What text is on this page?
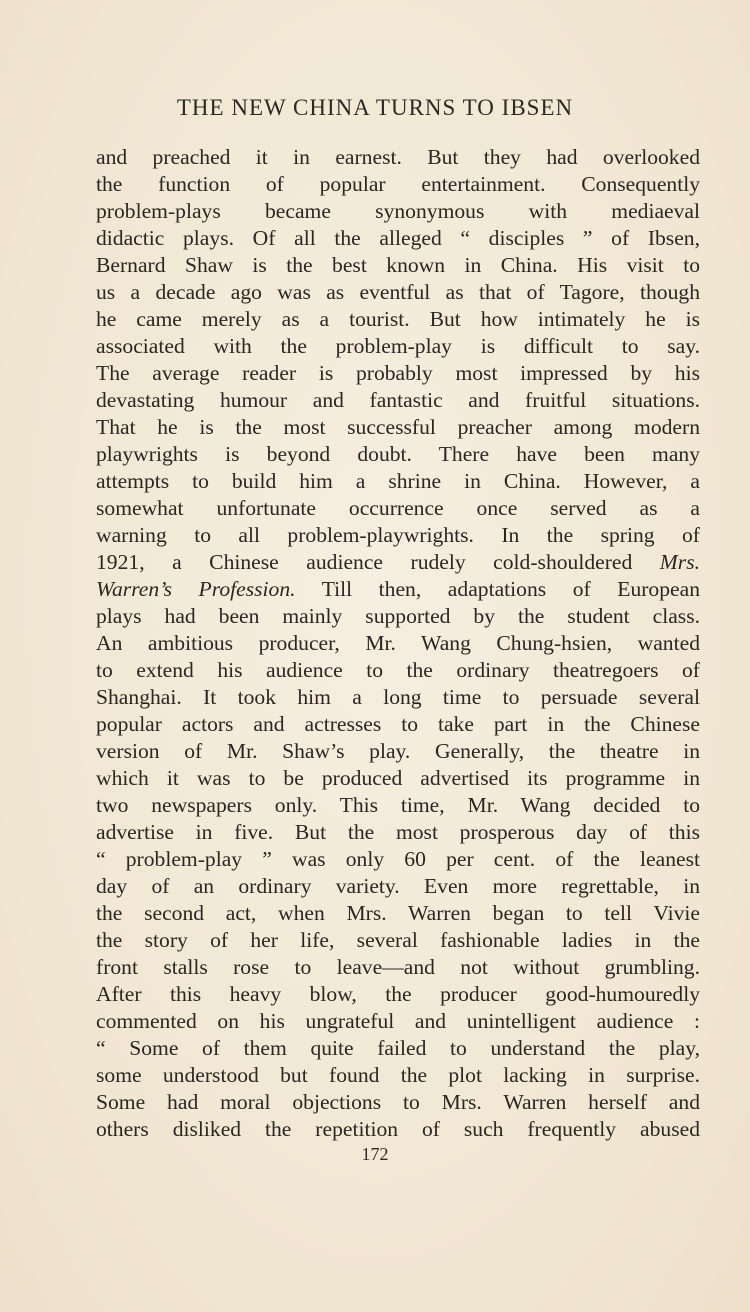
THE NEW CHINA TURNS TO IBSEN
and preached it in earnest. But they had overlooked
the function of popular entertainment. Consequently
problem-plays became synonymous with mediaeval
didactic plays. Of all the alleged “ disciples ” of Ibsen,
Bernard Shaw is the best known in China. His visit to
us a decade ago was as eventful as that of Tagore, though
he came merely as a tourist. But how intimately he is
associated with the problem-play is difficult to say.
The average reader is probably most impressed by his
devastating humour and fantastic and fruitful situations.
That he is the most successful preacher among modern
playwrights is beyond doubt. There have been many
attempts to build him a shrine in China. However, a
somewhat unfortunate occurrence once served as a
warning to all problem-playwrights. In the spring of
1921, a Chinese audience rudely cold-shouldered Mrs.
Warren’s Profession. Till then, adaptations of European
plays had been mainly supported by the student class.
An ambitious producer, Mr. Wang Chung-hsien, wanted
to extend his audience to the ordinary theatregoers of
Shanghai. It took him a long time to persuade several
popular actors and actresses to take part in the Chinese
version of Mr. Shaw’s play. Generally, the theatre in
which it was to be produced advertised its programme in
two newspapers only. This time, Mr. Wang decided to
advertise in five. But the most prosperous day of this
“ problem-play ” was only 60 per cent. of the leanest
day of an ordinary variety. Even more regrettable, in
the second act, when Mrs. Warren began to tell Vivie
the story of her life, several fashionable ladies in the
front stalls rose to leave—and not without grumbling.
After this heavy blow, the producer good-humouredly
commented on his ungrateful and unintelligent audience :
“ Some of them quite failed to understand the play,
some understood but found the plot lacking in surprise.
Some had moral objections to Mrs. Warren herself and
others disliked the repetition of such frequently abused
172
